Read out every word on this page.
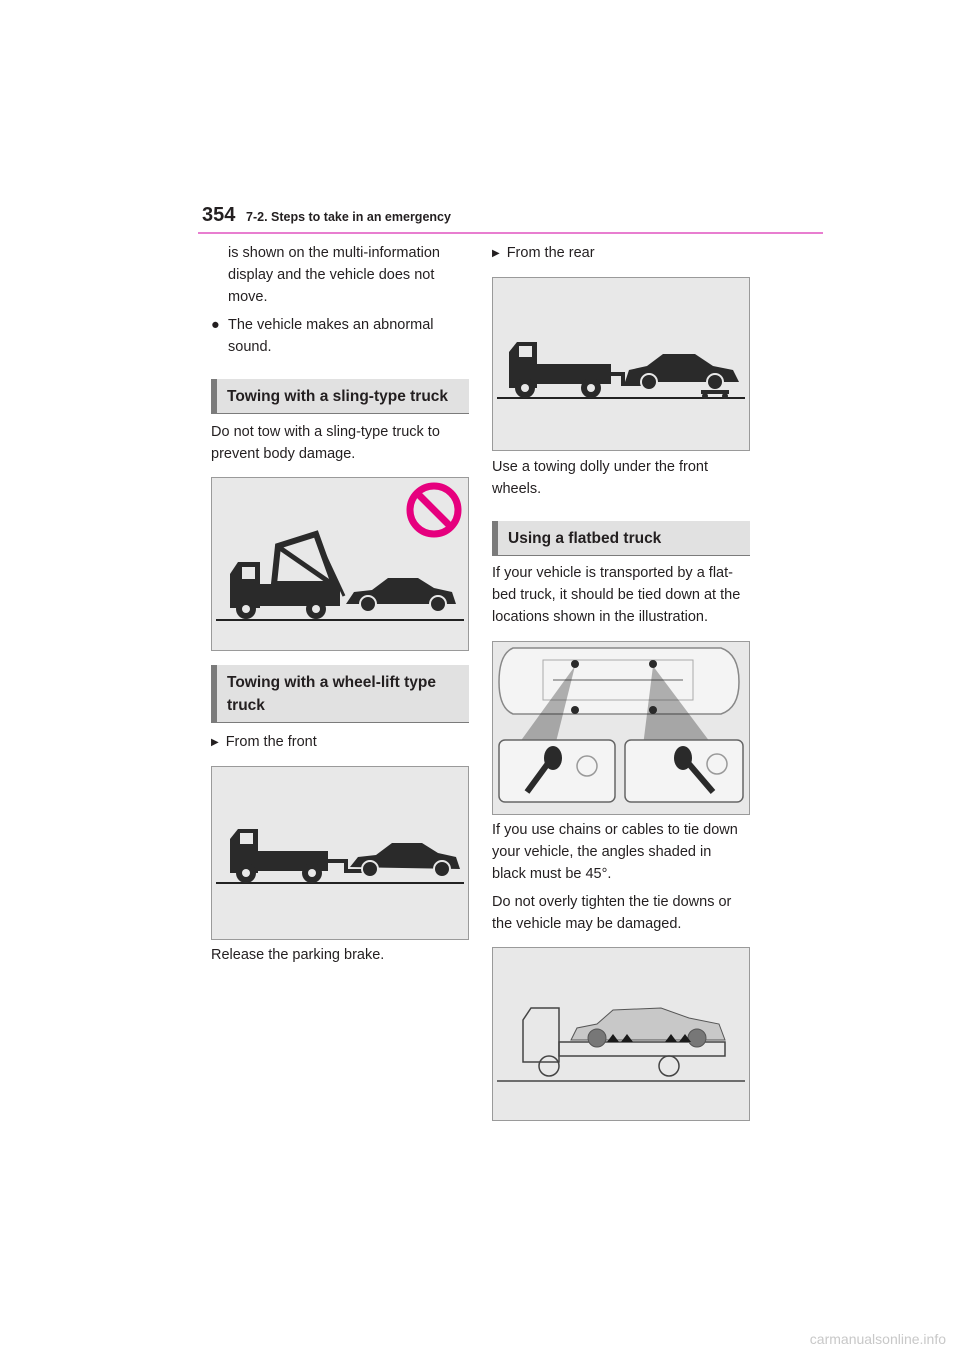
354 7-2. Steps to take in an emergency
is shown on the multi-information
display and the vehicle does not
move.
● The vehicle makes an abnormal
sound.
Towing with a sling-type truck
Do not tow with a sling-type truck to
prevent body damage.
Towing with a wheel-lift type
truck
▶ From the front
Release the parking brake.
▶ From the rear
Use a towing dolly under the front
wheels.
Using a flatbed truck
If your vehicle is transported by a flat-
bed truck, it should be tied down at the
locations shown in the illustration.
If you use chains or cables to tie down
your vehicle, the angles shaded in
black must be 45°.
Do not overly tighten the tie downs or
the vehicle may be damaged.
carmanualsonline.info
